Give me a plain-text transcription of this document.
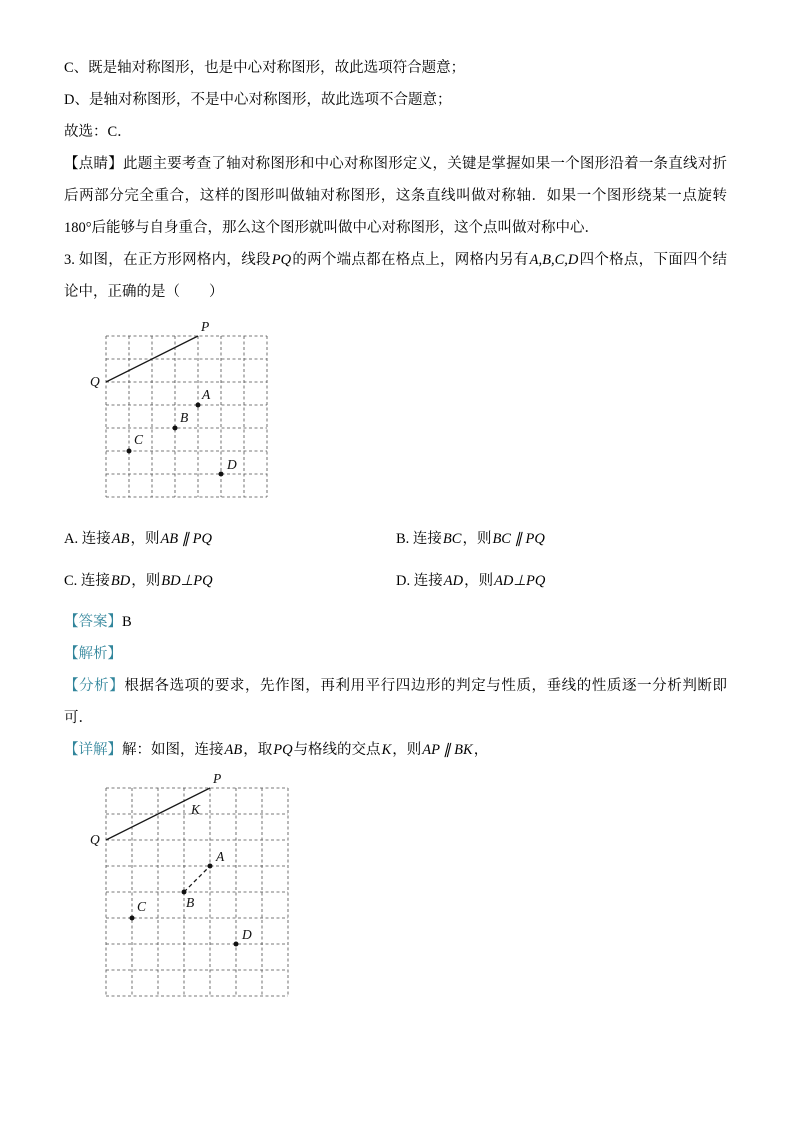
C、既是轴对称图形，也是中心对称图形，故此选项符合题意；

D、是轴对称图形，不是中心对称图形，故此选项不合题意；

故选：C．

【点睛】此题主要考查了轴对称图形和中心对称图形定义，关键是掌握如果一个图形沿着一条直线对折后两部分完全重合，这样的图形叫做轴对称图形，这条直线叫做对称轴．如果一个图形绕某一点旋转 180°后能够与自身重合，那么这个图形就叫做中心对称图形，这个点叫做对称中心．

3. 如图，在正方形网格内，线段PQ的两个端点都在格点上，网格内另有A,B,C,D四个格点，下面四个结论中，正确的是（　　）

P
Q
A
B
C
D
A. 连接AB，则AB ∥ PQ	B. 连接BC，则BC ∥ PQ
C. 连接BD，则BD⊥PQ	D. 连接AD，则AD⊥PQ

【答案】B

【解析】

【分析】根据各选项的要求，先作图，再利用平行四边形的判定与性质，垂线的性质逐一分析判断即可．

【详解】解：如图，连接AB，取PQ与格线的交点K，则AP ∥ BK，

P
Q
K
A
B
C
D
